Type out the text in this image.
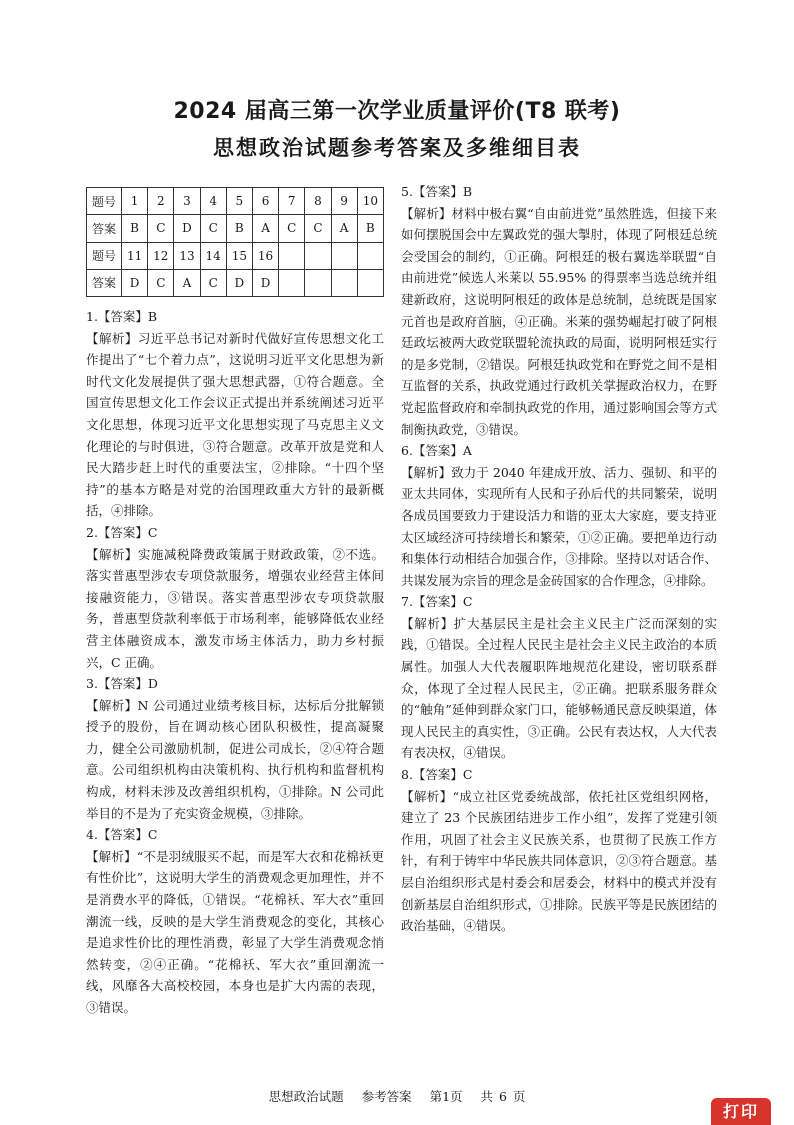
2024 届高三第一次学业质量评价(T8 联考)
思想政治试题参考答案及多维细目表
题号	1	2	3	4	5	6	7	8	9	10
答案	B	C	D	C	B	A	C	C	A	B
题号	11	12	13	14	15	16				
答案	D	C	A	C	D	D				

1.【答案】B

【解析】习近平总书记对新时代做好宣传思想文化工作提出了“七个着力点”，这说明习近平文化思想为新时代文化发展提供了强大思想武器，①符合题意。全国宣传思想文化工作会议正式提出并系统阐述习近平文化思想，体现习近平文化思想实现了马克思主义文化理论的与时俱进，③符合题意。改革开放是党和人民大踏步赶上时代的重要法宝，②排除。“十四个坚持”的基本方略是对党的治国理政重大方针的最新概括，④排除。

2.【答案】C

【解析】实施减税降费政策属于财政政策，②不选。落实普惠型涉农专项贷款服务，增强农业经营主体间接融资能力，③错误。落实普惠型涉农专项贷款服务，普惠型贷款利率低于市场利率，能够降低农业经营主体融资成本，激发市场主体活力，助力乡村振兴，C 正确。

3.【答案】D

【解析】N 公司通过业绩考核目标，达标后分批解锁授予的股份，旨在调动核心团队积极性，提高凝聚力，健全公司激励机制，促进公司成长，②④符合题意。公司组织机构由决策机构、执行机构和监督机构构成，材料未涉及改善组织机构，①排除。N 公司此举目的不是为了充实资金规模，③排除。

4.【答案】C

【解析】“不是羽绒服买不起，而是军大衣和花棉袄更有性价比”，这说明大学生的消费观念更加理性，并不是消费水平的降低，①错误。“花棉袄、军大衣”重回潮流一线，反映的是大学生消费观念的变化，其核心是追求性价比的理性消费，彰显了大学生消费观念悄然转变，②④正确。“花棉袄、军大衣”重回潮流一线，风靡各大高校校园，本身也是扩大内需的表现，③错误。

5.【答案】B

【解析】材料中极右翼“自由前进党”虽然胜选，但接下来如何摆脱国会中左翼政党的强大掣肘，体现了阿根廷总统会受国会的制约，①正确。阿根廷的极右翼选举联盟“自由前进党”候选人米莱以 55.95% 的得票率当选总统并组建新政府，这说明阿根廷的政体是总统制，总统既是国家元首也是政府首脑，④正确。米莱的强势崛起打破了阿根廷政坛被两大政党联盟轮流执政的局面，说明阿根廷实行的是多党制，②错误。阿根廷执政党和在野党之间不是相互监督的关系，执政党通过行政机关掌握政治权力，在野党起监督政府和牵制执政党的作用，通过影响国会等方式制衡执政党，③错误。

6.【答案】A

【解析】致力于 2040 年建成开放、活力、强韧、和平的亚太共同体，实现所有人民和子孙后代的共同繁荣，说明各成员国要致力于建设活力和谐的亚太大家庭，要支持亚太区域经济可持续增长和繁荣，①②正确。要把单边行动和集体行动相结合加强合作，③排除。坚持以对话合作、共谋发展为宗旨的理念是金砖国家的合作理念，④排除。

7.【答案】C

【解析】扩大基层民主是社会主义民主广泛而深刻的实践，①错误。全过程人民民主是社会主义民主政治的本质属性。加强人大代表履职阵地规范化建设，密切联系群众，体现了全过程人民民主，②正确。把联系服务群众的“触角”延伸到群众家门口，能够畅通民意反映渠道，体现人民民主的真实性，③正确。公民有表达权，人大代表有表决权，④错误。

8.【答案】C

【解析】“成立社区党委统战部，依托社区党组织网格，建立了 23 个民族团结进步工作小组”，发挥了党建引领作用，巩固了社会主义民族关系，也贯彻了民族工作方针，有利于铸牢中华民族共同体意识，②③符合题意。基层自治组织形式是村委会和居委会，材料中的模式并没有创新基层自治组织形式，①排除。民族平等是民族团结的政治基础，④错误。

思想政治试题 参考答案 第1页 共 6 页
打印
